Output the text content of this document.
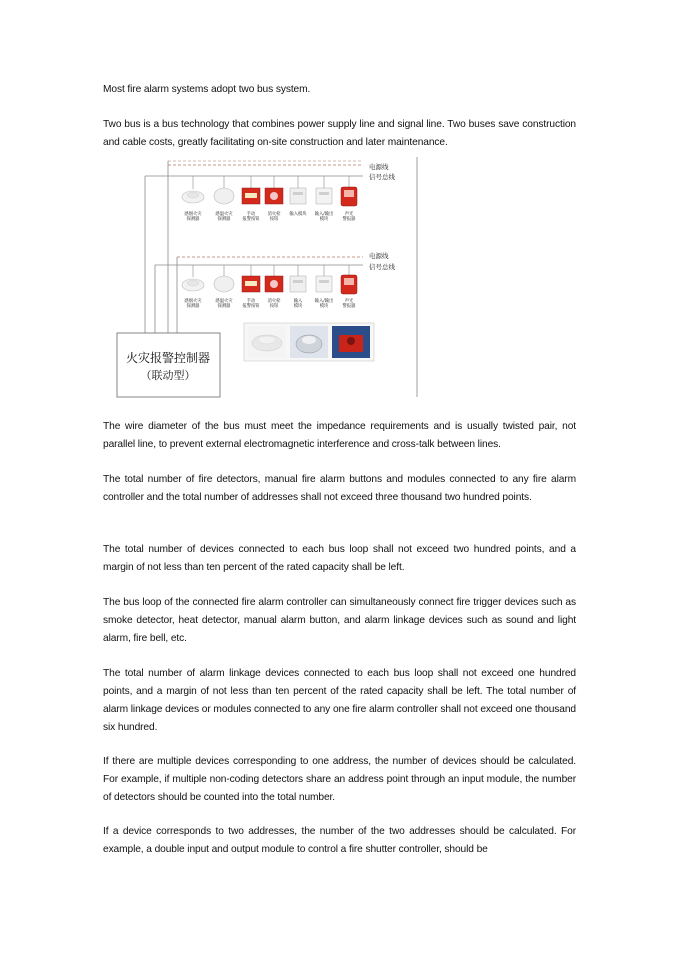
Most fire alarm systems adopt two bus system.

Two bus is a bus technology that combines power supply line and signal line. Two buses save construction and cable costs, greatly facilitating on-site construction and later maintenance.

电源线
信号总线
感烟火灾
探测器
感温火灾
探测器
手动
报警按钮
消火栓
按钮
输入模块 输入/输出
模块
声光
警报器
电源线
信号总线
感烟火灾
探测器
感温火灾
探测器
手动
报警按钮
消火栓
按钮
输入
模块
输入/输出
模块
声光
警报器
火灾报警控制器
（联动型）

The wire diameter of the bus must meet the impedance requirements and is usually twisted pair, not parallel line, to prevent external electromagnetic interference and cross-talk between lines.

The total number of fire detectors, manual fire alarm buttons and modules connected to any fire alarm controller and the total number of addresses shall not exceed three thousand two hundred points.

The total number of devices connected to each bus loop shall not exceed two hundred points, and a margin of not less than ten percent of the rated capacity shall be left.

The bus loop of the connected fire alarm controller can simultaneously connect fire trigger devices such as smoke detector, heat detector, manual alarm button, and alarm linkage devices such as sound and light alarm, fire bell, etc.

The total number of alarm linkage devices connected to each bus loop shall not exceed one hundred points, and a margin of not less than ten percent of the rated capacity shall be left. The total number of alarm linkage devices or modules connected to any one fire alarm controller shall not exceed one thousand six hundred.

If there are multiple devices corresponding to one address, the number of devices should be calculated. For example, if multiple non-coding detectors share an address point through an input module, the number of detectors should be counted into the total number.

If a device corresponds to two addresses, the number of the two addresses should be calculated. For example, a double input and output module to control a fire shutter controller, should be
